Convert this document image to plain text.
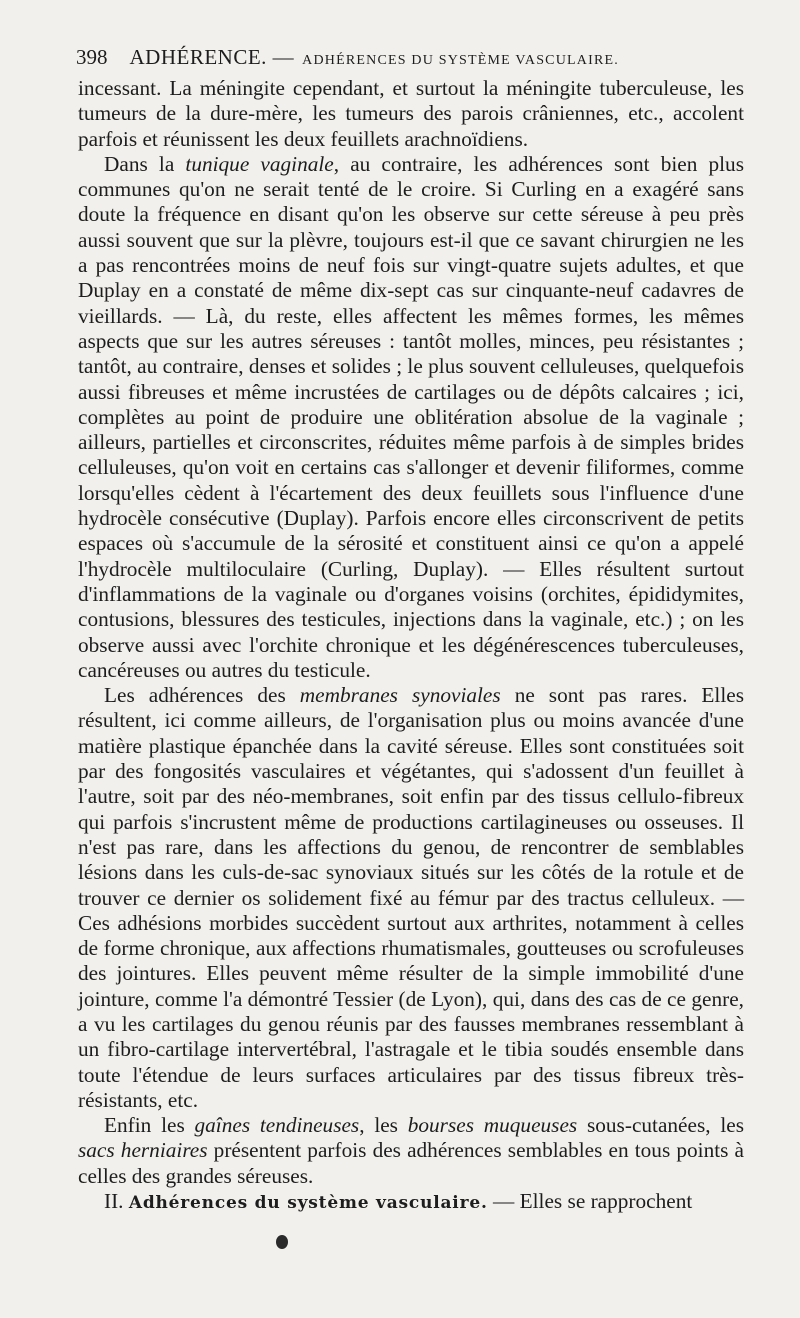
398 ADHÉRENCE. — ADHÉRENCES DU SYSTÈME VASCULAIRE.

incessant. La méningite cependant, et surtout la méningite tuberculeuse, les tumeurs de la dure-mère, les tumeurs des parois crâniennes, etc., accolent parfois et réunissent les deux feuillets arachnoïdiens.

Dans la tunique vaginale, au contraire, les adhérences sont bien plus communes qu'on ne serait tenté de le croire. Si Curling en a exagéré sans doute la fréquence en disant qu'on les observe sur cette séreuse à peu près aussi souvent que sur la plèvre, toujours est-il que ce savant chirurgien ne les a pas rencontrées moins de neuf fois sur vingt-quatre sujets adultes, et que Duplay en a constaté de même dix-sept cas sur cinquante-neuf cadavres de vieillards. — Là, du reste, elles affectent les mêmes formes, les mêmes aspects que sur les autres séreuses : tantôt molles, minces, peu résistantes ; tantôt, au contraire, denses et solides ; le plus souvent celluleuses, quelquefois aussi fibreuses et même incrustées de cartilages ou de dépôts calcaires ; ici, complètes au point de produire une oblitération absolue de la vaginale ; ailleurs, partielles et circonscrites, réduites même parfois à de simples brides celluleuses, qu'on voit en certains cas s'allonger et devenir filiformes, comme lorsqu'elles cèdent à l'écartement des deux feuillets sous l'influence d'une hydrocèle consécutive (Duplay). Parfois encore elles circonscrivent de petits espaces où s'accumule de la sérosité et constituent ainsi ce qu'on a appelé l'hydrocèle multiloculaire (Curling, Duplay). — Elles résultent surtout d'inflammations de la vaginale ou d'organes voisins (orchites, épididymites, contusions, blessures des testicules, injections dans la vaginale, etc.) ; on les observe aussi avec l'orchite chronique et les dégénérescences tuberculeuses, cancéreuses ou autres du testicule.

Les adhérences des membranes synoviales ne sont pas rares. Elles résultent, ici comme ailleurs, de l'organisation plus ou moins avancée d'une matière plastique épanchée dans la cavité séreuse. Elles sont constituées soit par des fongosités vasculaires et végétantes, qui s'adossent d'un feuillet à l'autre, soit par des néo-membranes, soit enfin par des tissus cellulo-fibreux qui parfois s'incrustent même de productions cartilagineuses ou osseuses. Il n'est pas rare, dans les affections du genou, de rencontrer de semblables lésions dans les culs-de-sac synoviaux situés sur les côtés de la rotule et de trouver ce dernier os solidement fixé au fémur par des tractus celluleux. — Ces adhésions morbides succèdent surtout aux arthrites, notamment à celles de forme chronique, aux affections rhumatismales, goutteuses ou scrofuleuses des jointures. Elles peuvent même résulter de la simple immobilité d'une jointure, comme l'a démontré Tessier (de Lyon), qui, dans des cas de ce genre, a vu les cartilages du genou réunis par des fausses membranes ressemblant à un fibro-cartilage intervertébral, l'astragale et le tibia soudés ensemble dans toute l'étendue de leurs surfaces articulaires par des tissus fibreux très-résistants, etc.

Enfin les gaînes tendineuses, les bourses muqueuses sous-cutanées, les sacs herniaires présentent parfois des adhérences semblables en tous points à celles des grandes séreuses.

II. Adhérences du système vasculaire. — Elles se rapprochent
